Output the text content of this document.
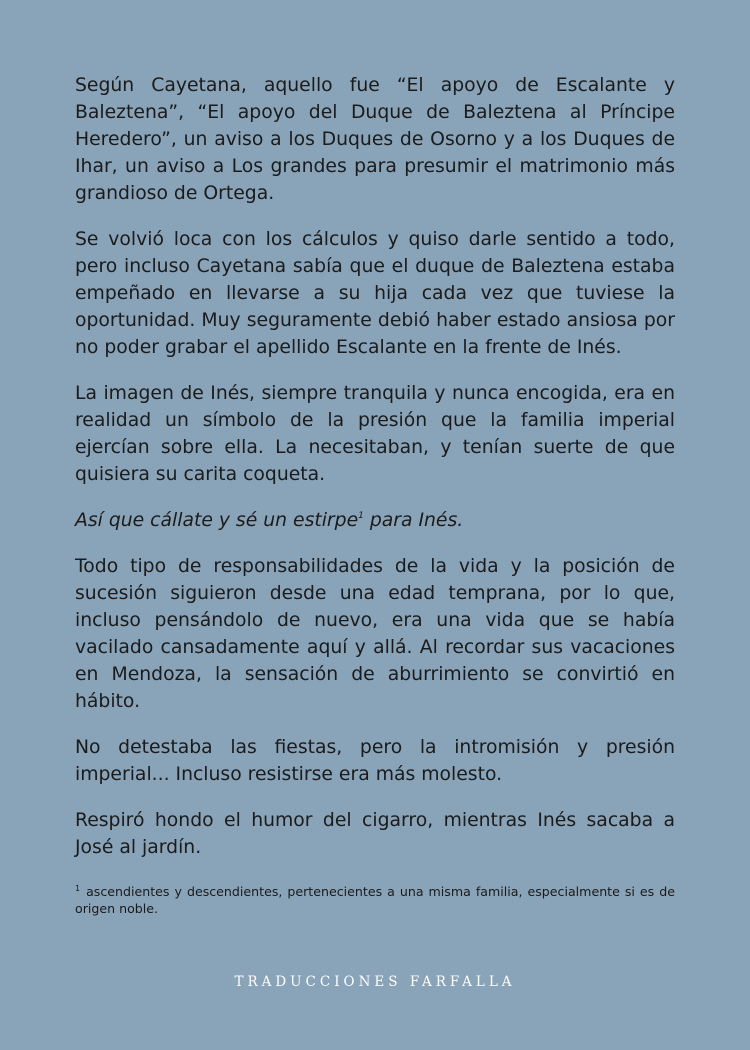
Según Cayetana, aquello fue “El apoyo de Escalante y Baleztena”, “El apoyo del Duque de Baleztena al Príncipe Heredero”, un aviso a los Duques de Osorno y a los Duques de Ihar, un aviso a Los grandes para presumir el matrimonio más grandioso de Ortega.

Se volvió loca con los cálculos y quiso darle sentido a todo, pero incluso Cayetana sabía que el duque de Baleztena estaba empeñado en llevarse a su hija cada vez que tuviese la oportunidad. Muy seguramente debió haber estado ansiosa por no poder grabar el apellido Escalante en la frente de Inés.

La imagen de Inés, siempre tranquila y nunca encogida, era en realidad un símbolo de la presión que la familia imperial ejercían sobre ella. La necesitaban, y tenían suerte de que quisiera su carita coqueta.

Así que cállate y sé un estirpe$^1$ para Inés.

Todo tipo de responsabilidades de la vida y la posición de sucesión siguieron desde una edad temprana, por lo que, incluso pensándolo de nuevo, era una vida que se había vacilado cansadamente aquí y allá. Al recordar sus vacaciones en Mendoza, la sensación de aburrimiento se convirtió en hábito.

No detestaba las fiestas, pero la intromisión y presión imperial... Incluso resistirse era más molesto.

Respiró hondo el humor del cigarro, mientras Inés sacaba a José al jardín.

$^1$ ascendientes y descendientes, pertenecientes a una misma familia, especialmente si es de origen noble.
TRADUCCIONES FARFALLA
